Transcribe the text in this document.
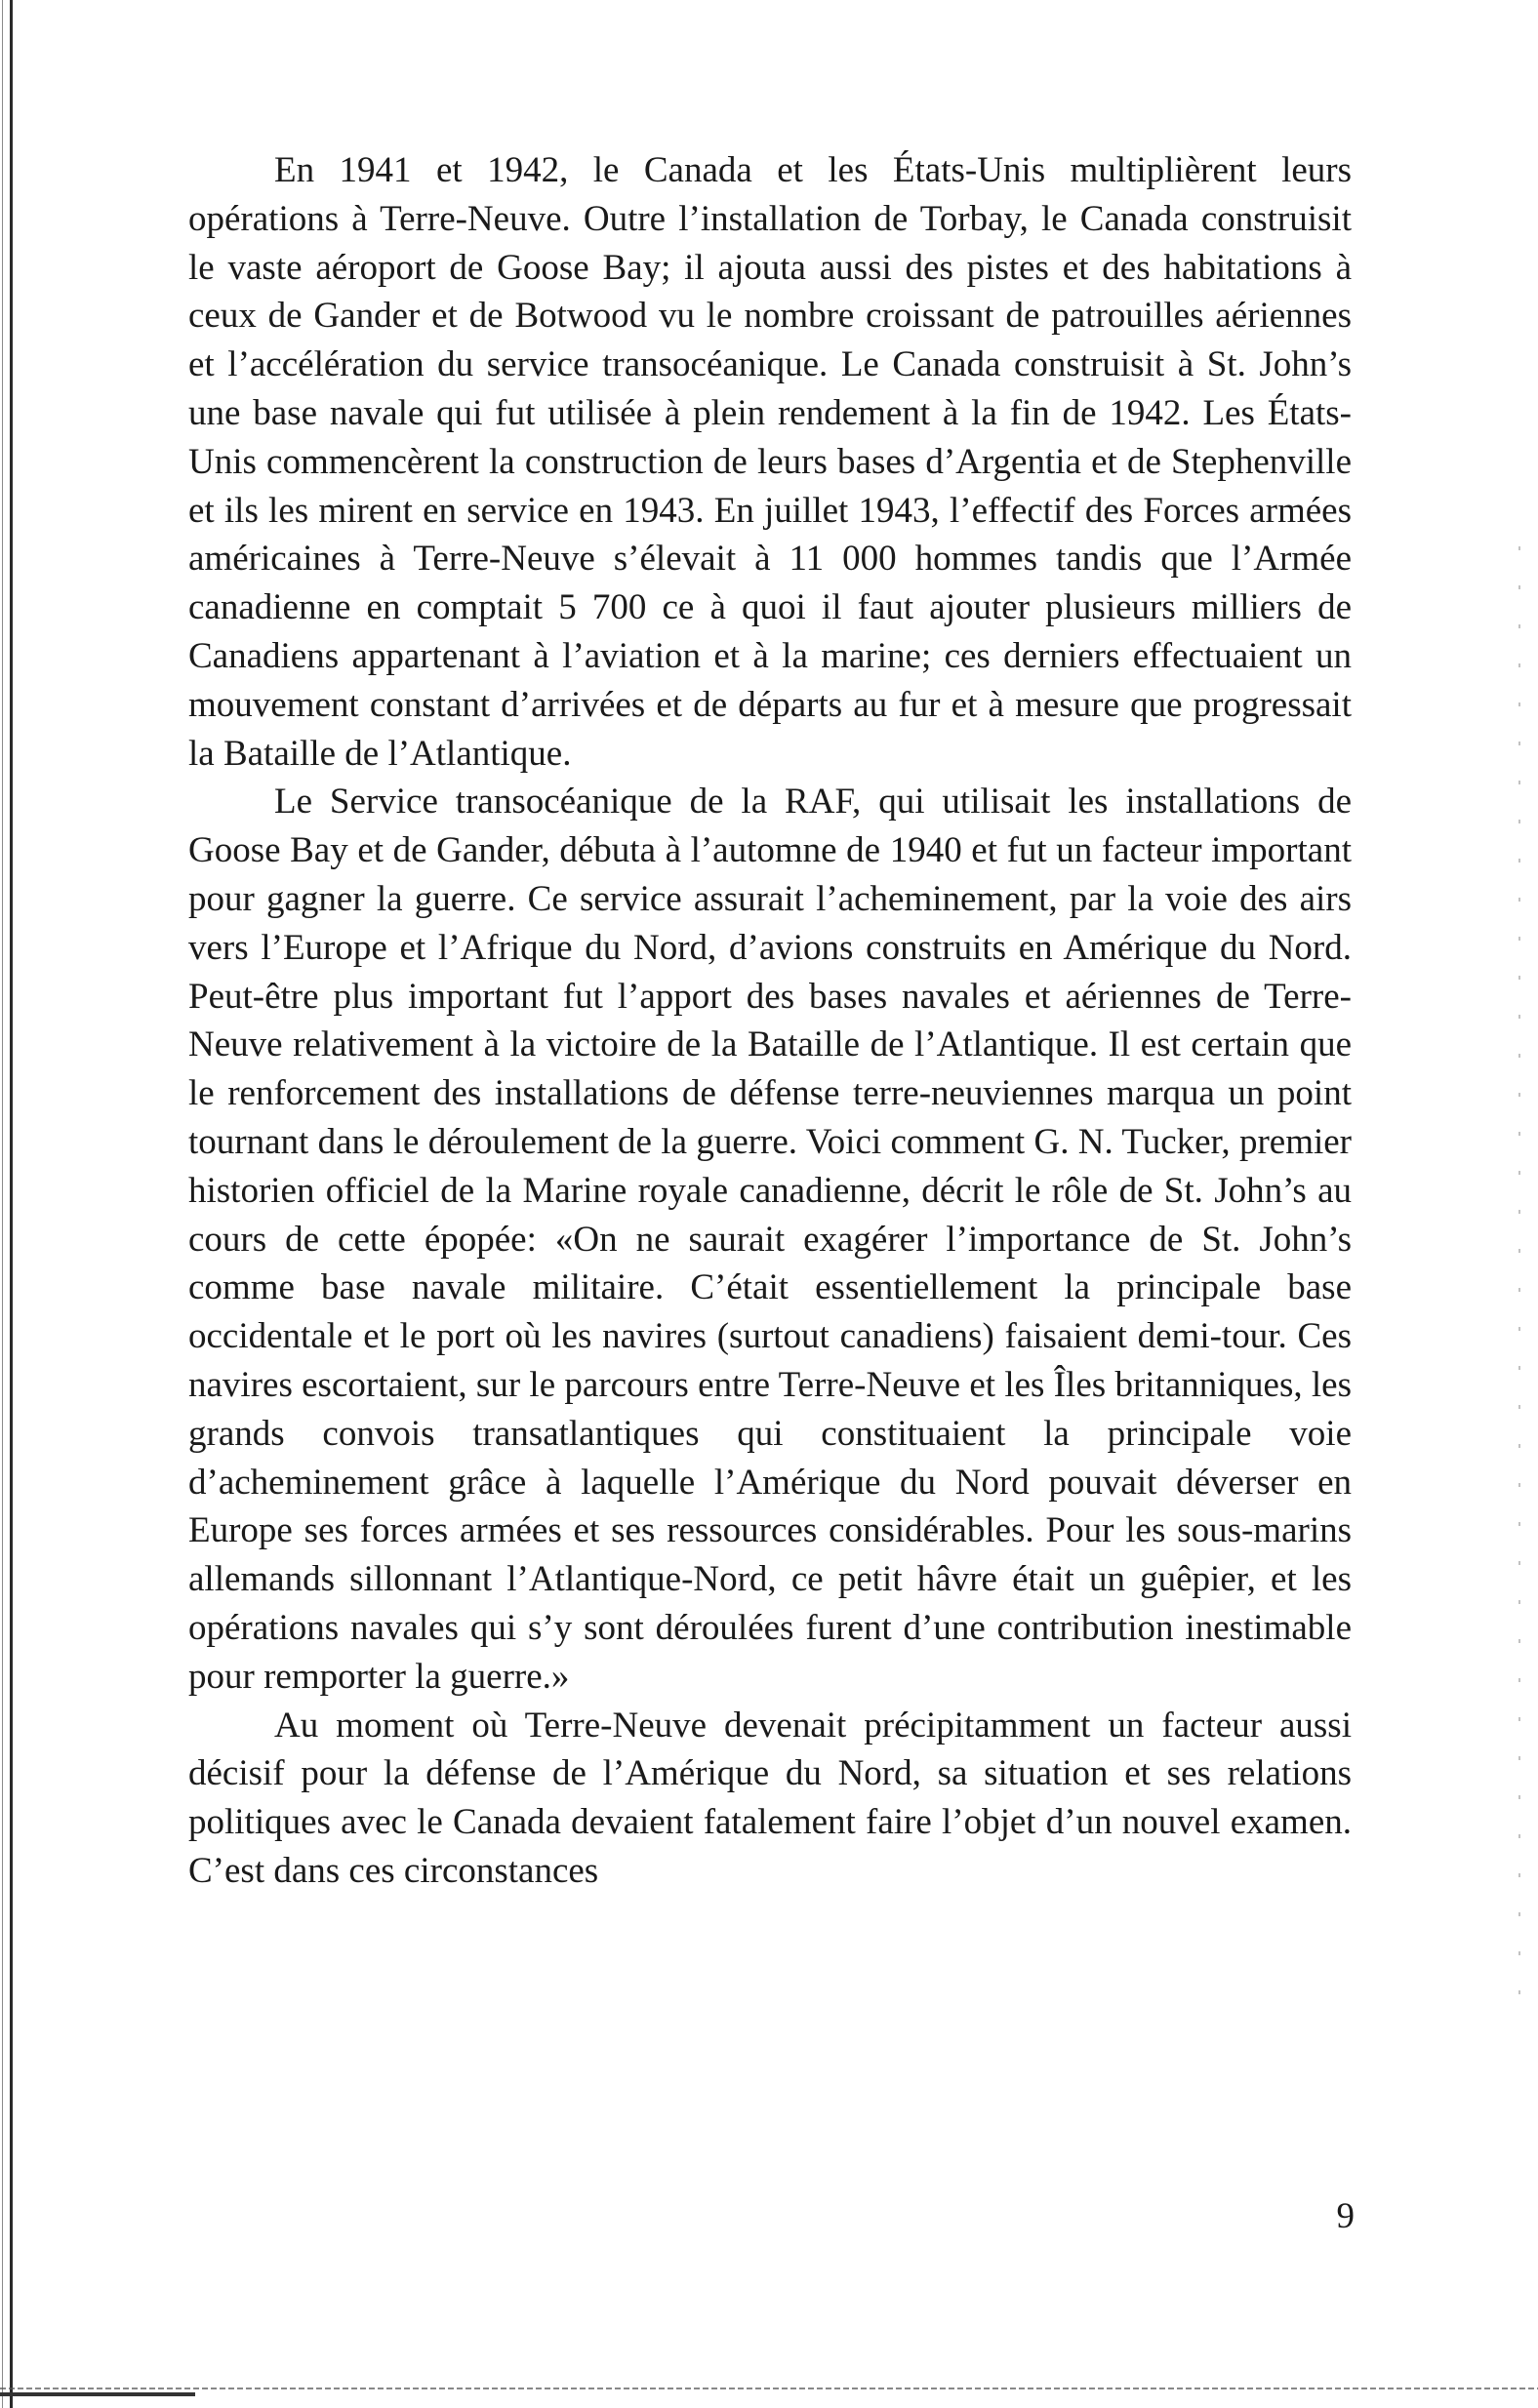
En 1941 et 1942, le Canada et les États-Unis multiplièrent leurs opérations à Terre-Neuve. Outre l’installation de Torbay, le Canada construisit le vaste aéroport de Goose Bay; il ajouta aussi des pistes et des habitations à ceux de Gander et de Botwood vu le nombre croissant de patrouilles aériennes et l’accélération du service transocéanique. Le Canada construisit à St. John’s une base navale qui fut utilisée à plein rendement à la fin de 1942. Les États-Unis commencèrent la construction de leurs bases d’Argentia et de Stephenville et ils les mirent en service en 1943. En juillet 1943, l’effectif des Forces armées américaines à Terre-Neuve s’élevait à 11 000 hommes tandis que l’Armée canadienne en comptait 5 700 ce à quoi il faut ajouter plusieurs milliers de Canadiens appartenant à l’aviation et à la marine; ces derniers effectuaient un mouvement constant d’arrivées et de départs au fur et à mesure que progressait la Bataille de l’Atlantique.

Le Service transocéanique de la RAF, qui utilisait les installations de Goose Bay et de Gander, débuta à l’automne de 1940 et fut un facteur important pour gagner la guerre. Ce service assurait l’acheminement, par la voie des airs vers l’Europe et l’Afrique du Nord, d’avions construits en Amérique du Nord. Peut-être plus important fut l’apport des bases navales et aériennes de Terre-Neuve relativement à la victoire de la Bataille de l’Atlantique. Il est certain que le renforcement des installations de défense terre-neuviennes marqua un point tournant dans le déroulement de la guerre. Voici comment G. N. Tucker, premier historien officiel de la Marine royale canadienne, décrit le rôle de St. John’s au cours de cette épopée: «On ne saurait exagérer l’importance de St. John’s comme base navale militaire. C’était essentiellement la principale base occidentale et le port où les navires (surtout canadiens) faisaient demi-tour. Ces navires escortaient, sur le parcours entre Terre-Neuve et les Îles britanniques, les grands convois transatlantiques qui constituaient la principale voie d’acheminement grâce à laquelle l’Amérique du Nord pouvait déverser en Europe ses forces armées et ses ressources considérables. Pour les sous-marins allemands sillonnant l’Atlantique-Nord, ce petit hâvre était un guêpier, et les opérations navales qui s’y sont déroulées furent d’une contribution inestimable pour remporter la guerre.»

Au moment où Terre-Neuve devenait précipitamment un facteur aussi décisif pour la défense de l’Amérique du Nord, sa situation et ses relations politiques avec le Canada devaient fatalement faire l’objet d’un nouvel examen. C’est dans ces circonstances

9
